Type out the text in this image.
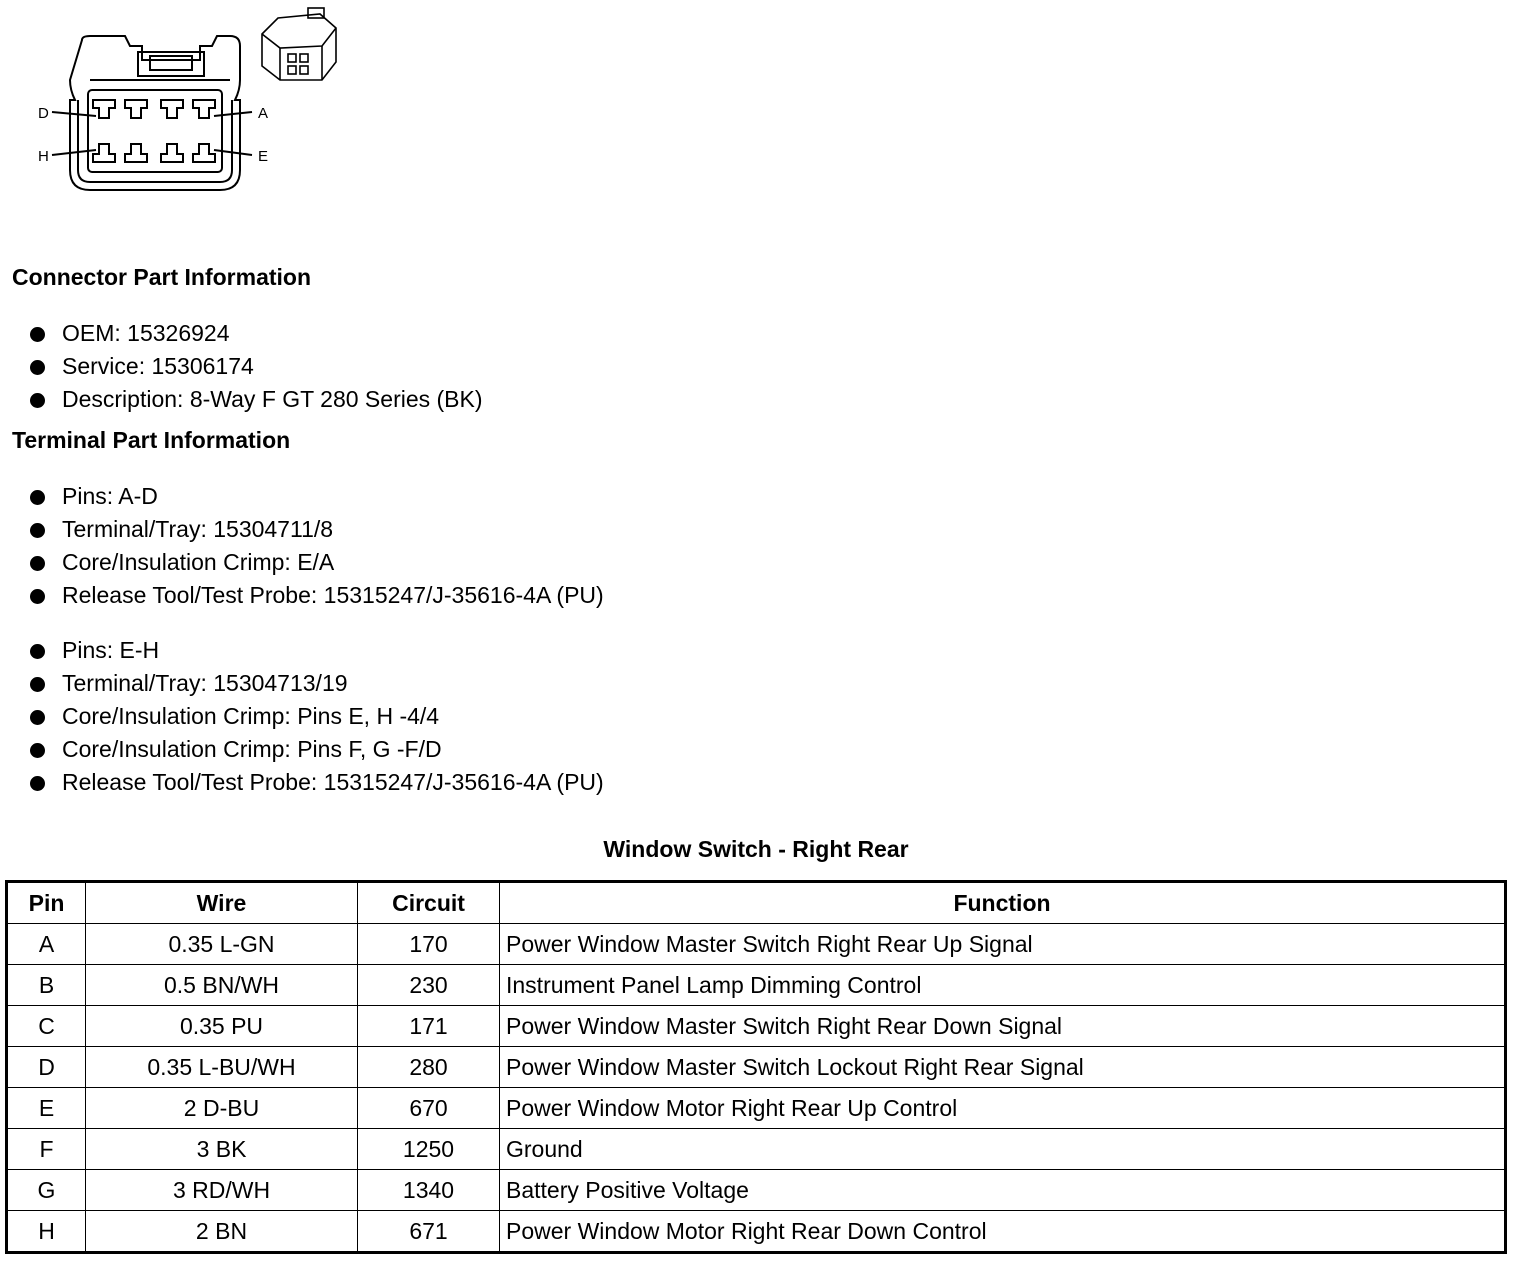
D	A
H	E
Connector Part Information
OEM: 15326924
Service: 15306174
Description: 8-Way F GT 280 Series (BK)
Terminal Part Information
Pins: A-D
Terminal/Tray: 15304711/8
Core/Insulation Crimp: E/A
Release Tool/Test Probe: 15315247/J-35616-4A (PU)
Pins: E-H
Terminal/Tray: 15304713/19
Core/Insulation Crimp: Pins E, H -4/4
Core/Insulation Crimp: Pins F, G -F/D
Release Tool/Test Probe: 15315247/J-35616-4A (PU)
Window Switch - Right Rear
Pin	Wire	Circuit	Function
A	0.35 L-GN	170	Power Window Master Switch Right Rear Up Signal
B	0.5 BN/WH	230	Instrument Panel Lamp Dimming Control
C	0.35 PU	171	Power Window Master Switch Right Rear Down Signal
D	0.35 L-BU/WH	280	Power Window Master Switch Lockout Right Rear Signal
E	2 D-BU	670	Power Window Motor Right Rear Up Control
F	3 BK	1250	Ground
G	3 RD/WH	1340	Battery Positive Voltage
H	2 BN	671	Power Window Motor Right Rear Down Control
